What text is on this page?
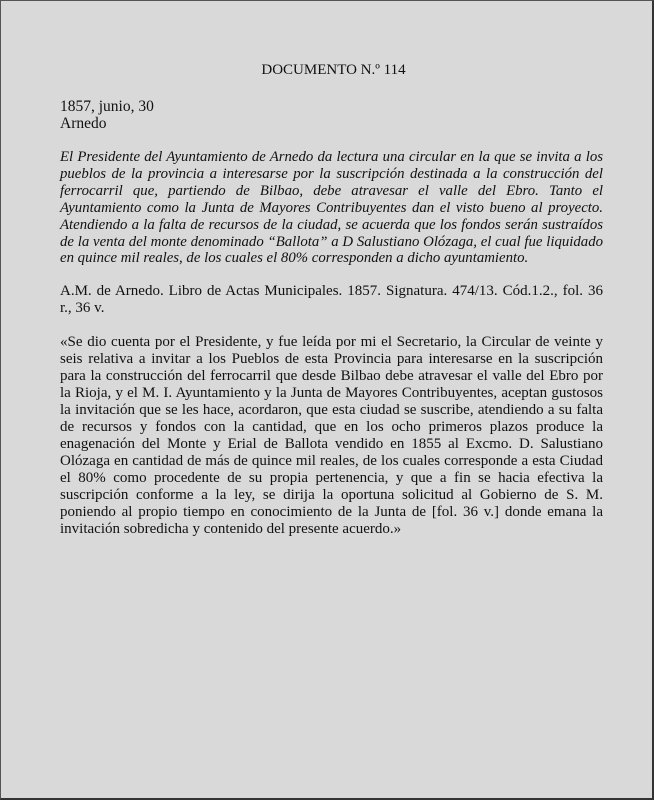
DOCUMENTO N.º 114

1857, junio, 30

Arnedo

El Presidente del Ayuntamiento de Arnedo da lectura una circular en la que se invita a los pueblos de la provincia a interesarse por la suscripción destinada a la construcción del ferrocarril que, partiendo de Bilbao, debe atravesar el valle del Ebro. Tanto el Ayuntamiento como la Junta de Mayores Contribuyentes dan el visto bueno al proyecto. Atendiendo a la falta de recursos de la ciudad, se acuerda que los fondos serán sustraídos de la venta del monte denominado “Ballota” a D Salustiano Olózaga, el cual fue liquidado en quince mil reales, de los cuales el 80% corresponden a dicho ayuntamiento.

A.M. de Arnedo. Libro de Actas Municipales. 1857. Signatura. 474/13. Cód.1.2., fol. 36 r., 36 v.

«Se dio cuenta por el Presidente, y fue leída por mi el Secretario, la Circular de veinte y seis relativa a invitar a los Pueblos de esta Provincia para interesarse en la suscripción para la construcción del ferrocarril que desde Bilbao debe atravesar el valle del Ebro por la Rioja, y el M. I. Ayuntamiento y la Junta de Mayores Contribuyentes, aceptan gustosos la invitación que se les hace, acordaron, que esta ciudad se suscribe, atendiendo a su falta de recursos y fondos con la cantidad, que en los ocho primeros plazos produce la enagenación del Monte y Erial de Ballota vendido en 1855 al Excmo. D. Salustiano Olózaga en cantidad de más de quince mil reales, de los cuales corresponde a esta Ciudad el 80% como procedente de su propia pertenencia, y que a fin se hacia efectiva la suscripción conforme a la ley, se dirija la oportuna solicitud al Gobierno de S. M. poniendo al propio tiempo en conocimiento de la Junta de [fol. 36 v.] donde emana la invitación sobredicha y contenido del presente acuerdo.»
